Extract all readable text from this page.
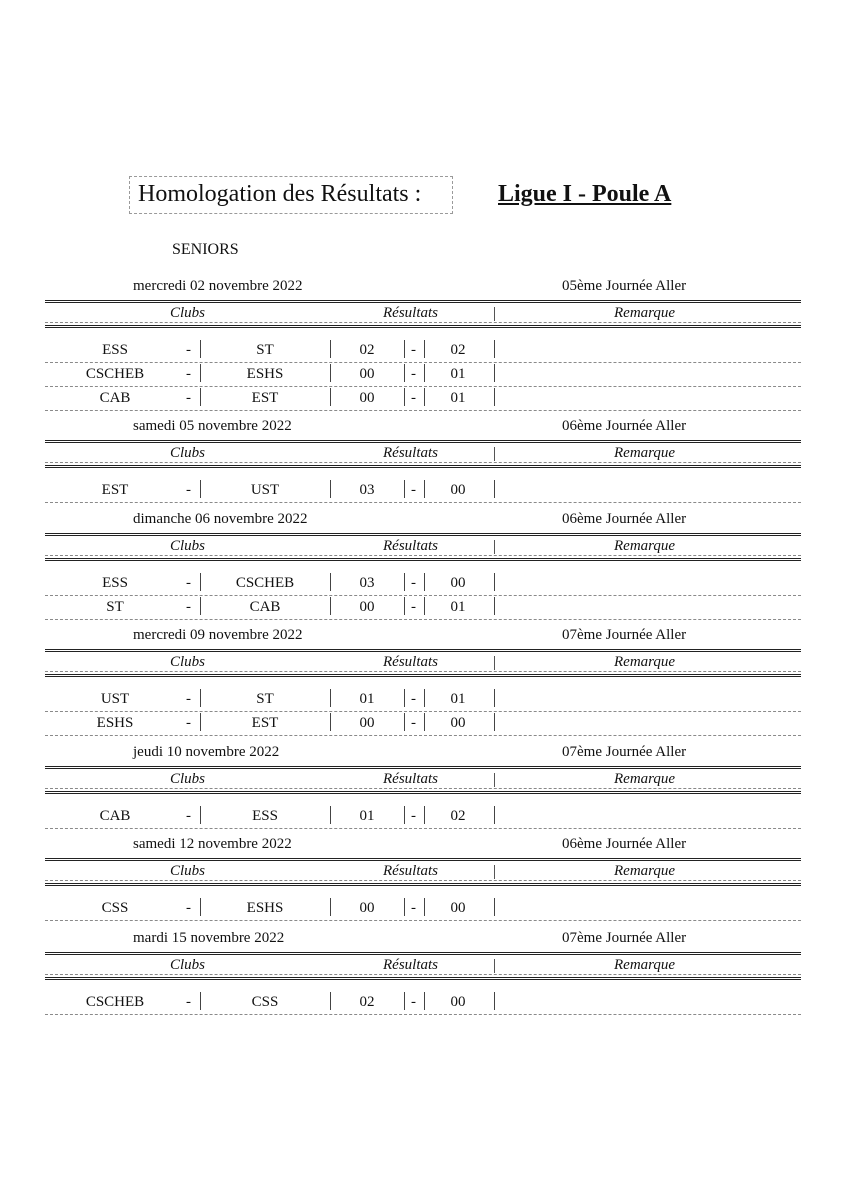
Homologation des Résultats :	Ligue I - Poule A
SENIORS
mercredi 02 novembre 2022	05ème Journée Aller
Clubs	Résultats	Remarque
ESS	-	ST	02	-	02
CSCHEB	-	ESHS	00	-	01
CAB	-	EST	00	-	01
samedi 05 novembre 2022	06ème Journée Aller
Clubs	Résultats	Remarque
EST	-	UST	03	-	00
dimanche 06 novembre 2022	06ème Journée Aller
Clubs	Résultats	Remarque
ESS	-	CSCHEB	03	-	00
ST	-	CAB	00	-	01
mercredi 09 novembre 2022	07ème Journée Aller
Clubs	Résultats	Remarque
UST	-	ST	01	-	01
ESHS	-	EST	00	-	00
jeudi 10 novembre 2022	07ème Journée Aller
Clubs	Résultats	Remarque
CAB	-	ESS	01	-	02
samedi 12 novembre 2022	06ème Journée Aller
Clubs	Résultats	Remarque
CSS	-	ESHS	00	-	00
mardi 15 novembre 2022	07ème Journée Aller
Clubs	Résultats	Remarque
CSCHEB	-	CSS	02	-	00
